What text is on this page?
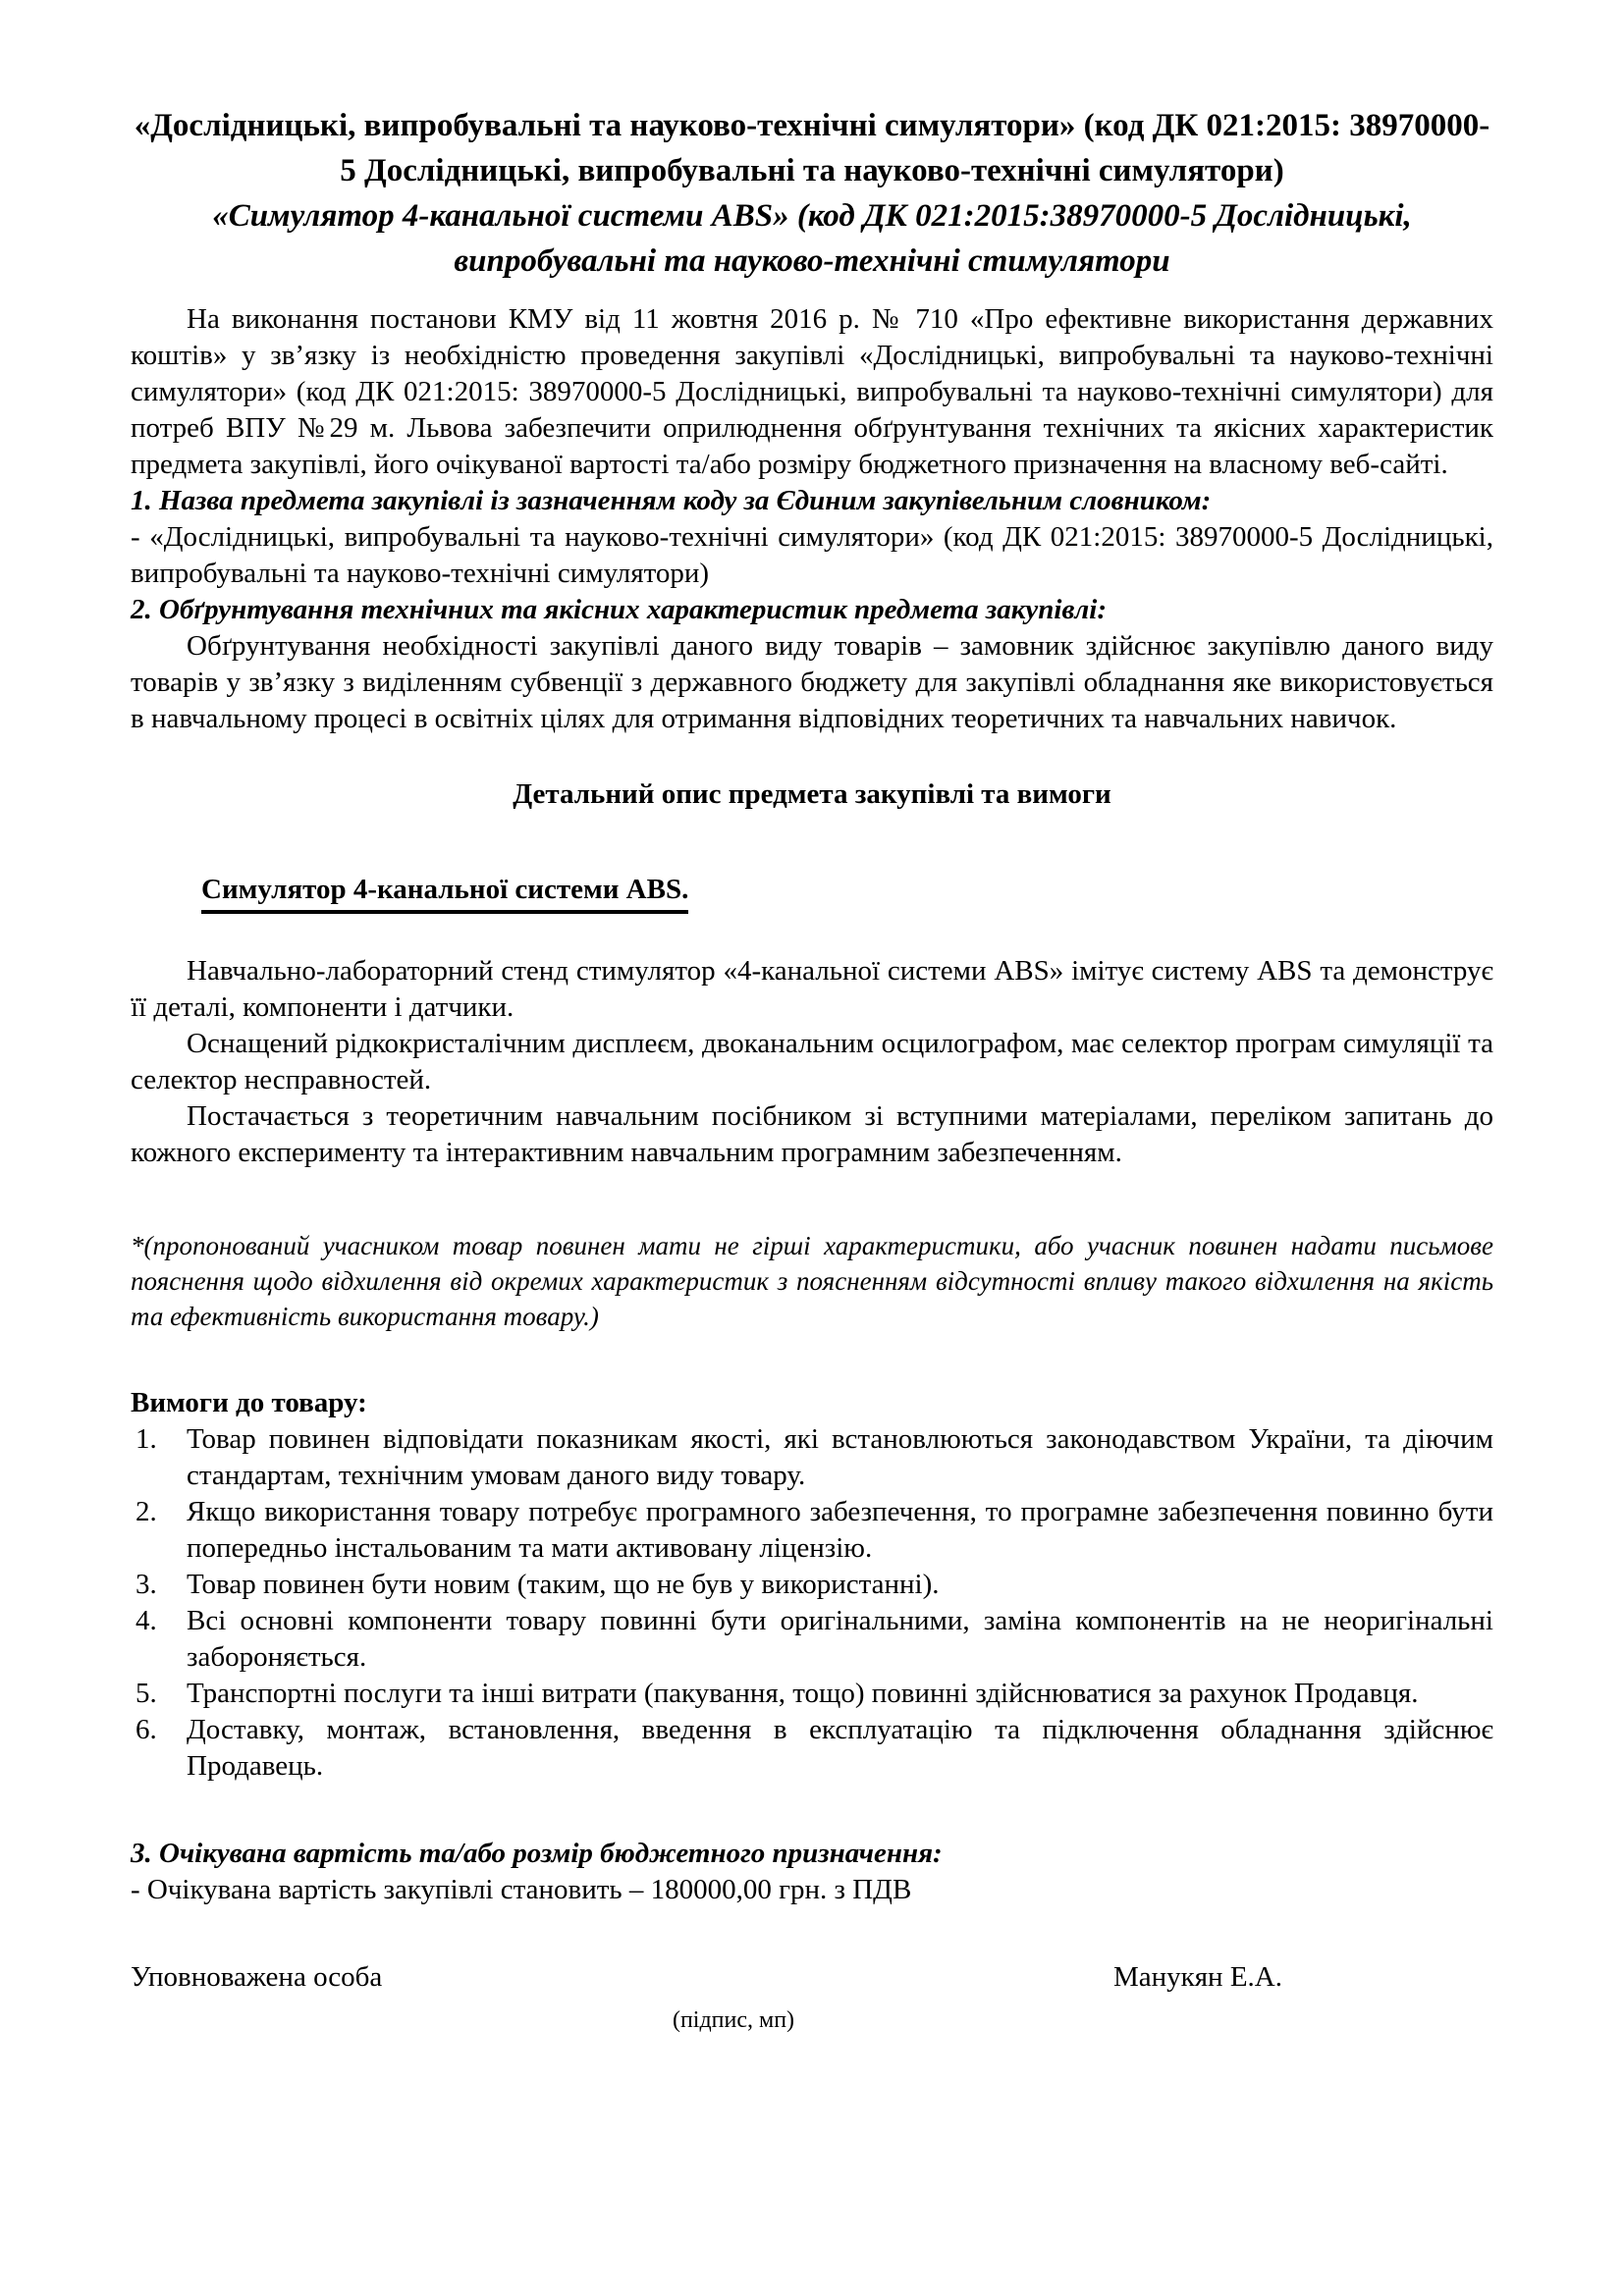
«Дослідницькі, випробувальні та науково-технічні симулятори» (код ДК 021:2015: 38970000-5 Дослідницькі, випробувальні та науково-технічні симулятори)
«Симулятор 4-канальної системи ABS» (код ДК 021:2015:38970000-5 Дослідницькі, випробувальні та науково-технічні стимулятори

На виконання постанови КМУ від 11 жовтня 2016 р. № 710 «Про ефективне використання державних коштів» у зв’язку із необхідністю проведення закупівлі «Дослідницькі, випробувальні та науково-технічні симулятори» (код ДК 021:2015: 38970000-5 Дослідницькі, випробувальні та науково-технічні симулятори) для потреб ВПУ №29 м. Львова забезпечити оприлюднення обґрунтування технічних та якісних характеристик предмета закупівлі, його очікуваної вартості та/або розміру бюджетного призначення на власному веб-сайті.

1. Назва предмета закупівлі із зазначенням коду за Єдиним закупівельним словником:
- «Дослідницькі, випробувальні та науково-технічні симулятори» (код ДК 021:2015: 38970000-5 Дослідницькі, випробувальні та науково-технічні симулятори)
2. Обґрунтування технічних та якісних характеристик предмета закупівлі:
Обґрунтування необхідності закупівлі даного виду товарів – замовник здійснює закупівлю даного виду товарів у зв’язку з виділенням субвенції з державного бюджету для закупівлі обладнання яке використовується в навчальному процесі в освітніх цілях для отримання відповідних теоретичних та навчальних навичок.
Детальний опис предмета закупівлі та вимоги
Симулятор 4-канальної системи ABS.
Навчально-лабораторний стенд стимулятор «4-канальної системи ABS» імітує систему ABS та демонструє її деталі, компоненти і датчики.
Оснащений рідкокристалічним дисплеєм, двоканальним осцилографом, має селектор програм симуляції та селектор несправностей.
Постачається з теоретичним навчальним посібником зі вступними матеріалами, переліком запитань до кожного експерименту та інтерактивним навчальним програмним забезпеченням.
*(пропонований учасником товар повинен мати не гірші характеристики, або учасник повинен надати письмове пояснення щодо відхилення від окремих характеристик з поясненням відсутності впливу такого відхилення на якість та ефективність використання товару.)
Вимоги до товару:
Товар повинен відповідати показникам якості, які встановлюються законодавством України, та діючим стандартам, технічним умовам даного виду товару.
Якщо використання товару потребує програмного забезпечення, то програмне забезпечення повинно бути попередньо інстальованим та мати активовану ліцензію.
Товар повинен бути новим (таким, що не був у використанні).
Всі основні компоненти товару повинні бути оригінальними, заміна компонентів на не неоригінальні забороняється.
Транспортні послуги та інші витрати (пакування, тощо) повинні здійснюватися за рахунок Продавця.
Доставку, монтаж, встановлення, введення в експлуатацію та підключення обладнання здійснює Продавець.
3. Очікувана вартість та/або розмір бюджетного призначення:
- Очікувана вартість закупівлі становить – 180000,00 грн. з ПДВ
Уповноважена особа	Манукян Е.А.
(підпис, мп)
